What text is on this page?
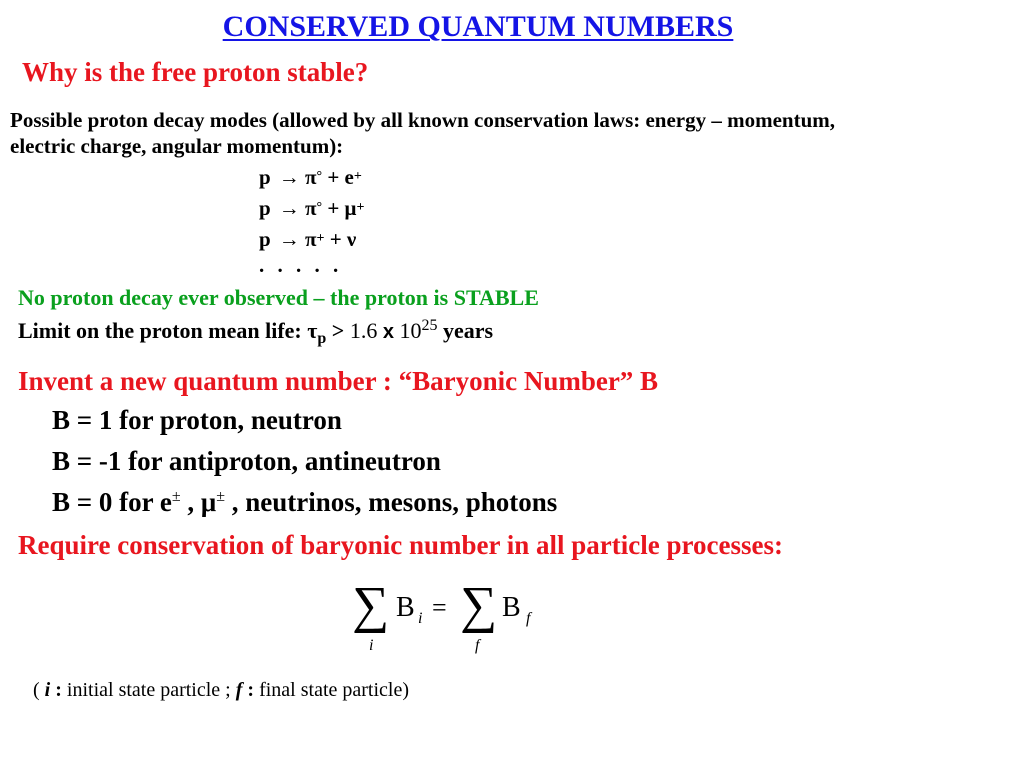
CONSERVED QUANTUM NUMBERS
Why is the free proton stable?
Possible proton decay modes (allowed by all known conservation laws: energy – momentum,
electric charge, angular momentum):
p → π° + e+
p → π° + μ+
p → π+ + ν
. . . . .
No proton decay ever observed – the proton is STABLE
Limit on the proton mean life: $\tau_p > 1.6$ x $10^{25}$ years
Invent a new quantum number : “Baryonic Number” B
B = 1 for proton, neutron
B = -1 for antiproton, antineutron
B = 0 for e± , μ± , neutrinos, mesons, photons
Require conservation of baryonic number in all particle processes:
∑ B i = ∑ B f
i	f
( i : initial state particle ; f : final state particle)
